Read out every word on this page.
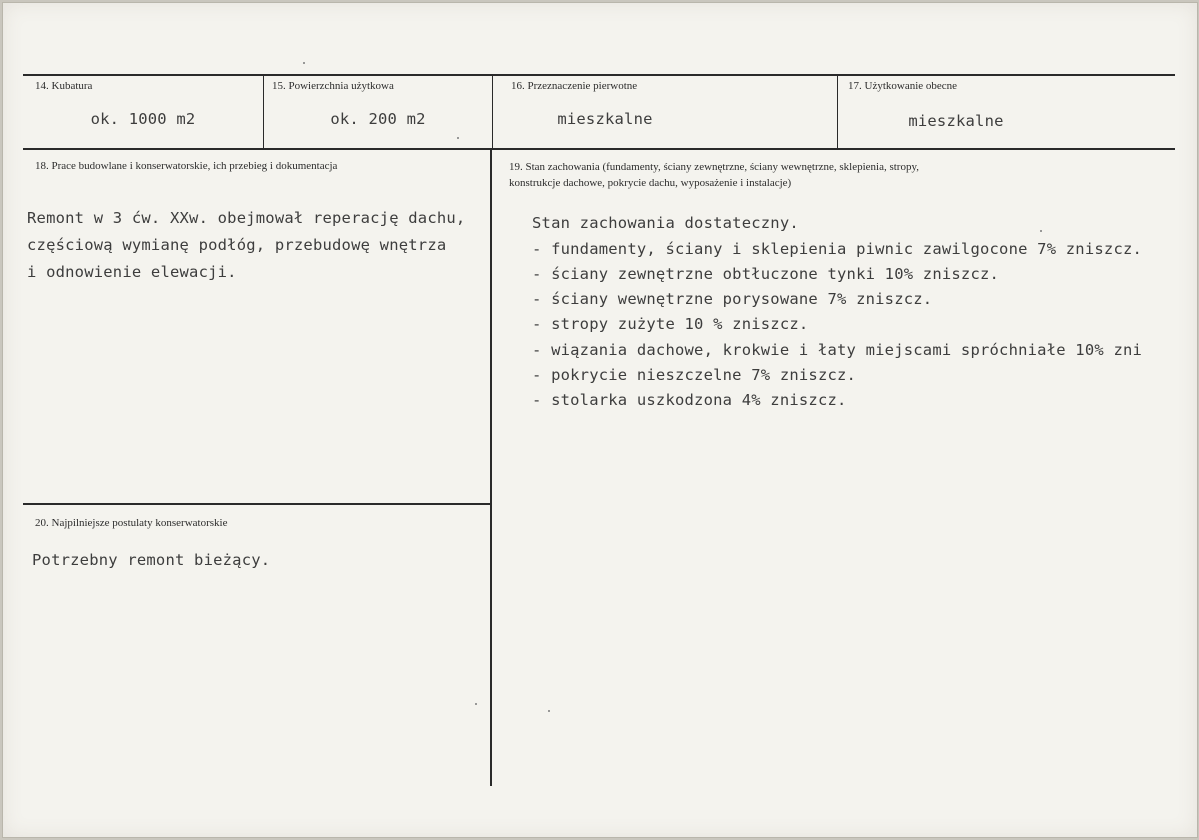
14. Kubatura
ok. 1000 m2
15. Powierzchnia użytkowa
ok. 200 m2
16. Przeznaczenie pierwotne
mieszkalne
17. Użytkowanie obecne
mieszkalne
18. Prace budowlane i konserwatorskie, ich przebieg i dokumentacja
Remont w 3 ćw. XXw. obejmował reperację dachu,
częściową wymianę podłóg, przebudowę wnętrza
i odnowienie elewacji.
19. Stan zachowania (fundamenty, ściany zewnętrzne, ściany wewnętrzne, sklepienia, stropy,
konstrukcje dachowe, pokrycie dachu, wyposażenie i instalacje)
Stan zachowania dostateczny.
- fundamenty, ściany i sklepienia piwnic zawilgocone 7% zniszcz.
- ściany zewnętrzne obtłuczone tynki 10% zniszcz.
- ściany wewnętrzne porysowane 7% zniszcz.
- stropy zużyte 10 % zniszcz.
- wiązania dachowe, krokwie i łaty miejscami spróchniałe 10% zni
- pokrycie nieszczelne 7% zniszcz.
- stolarka uszkodzona 4% zniszcz.
20. Najpilniejsze postulaty konserwatorskie
Potrzebny remont bieżący.
